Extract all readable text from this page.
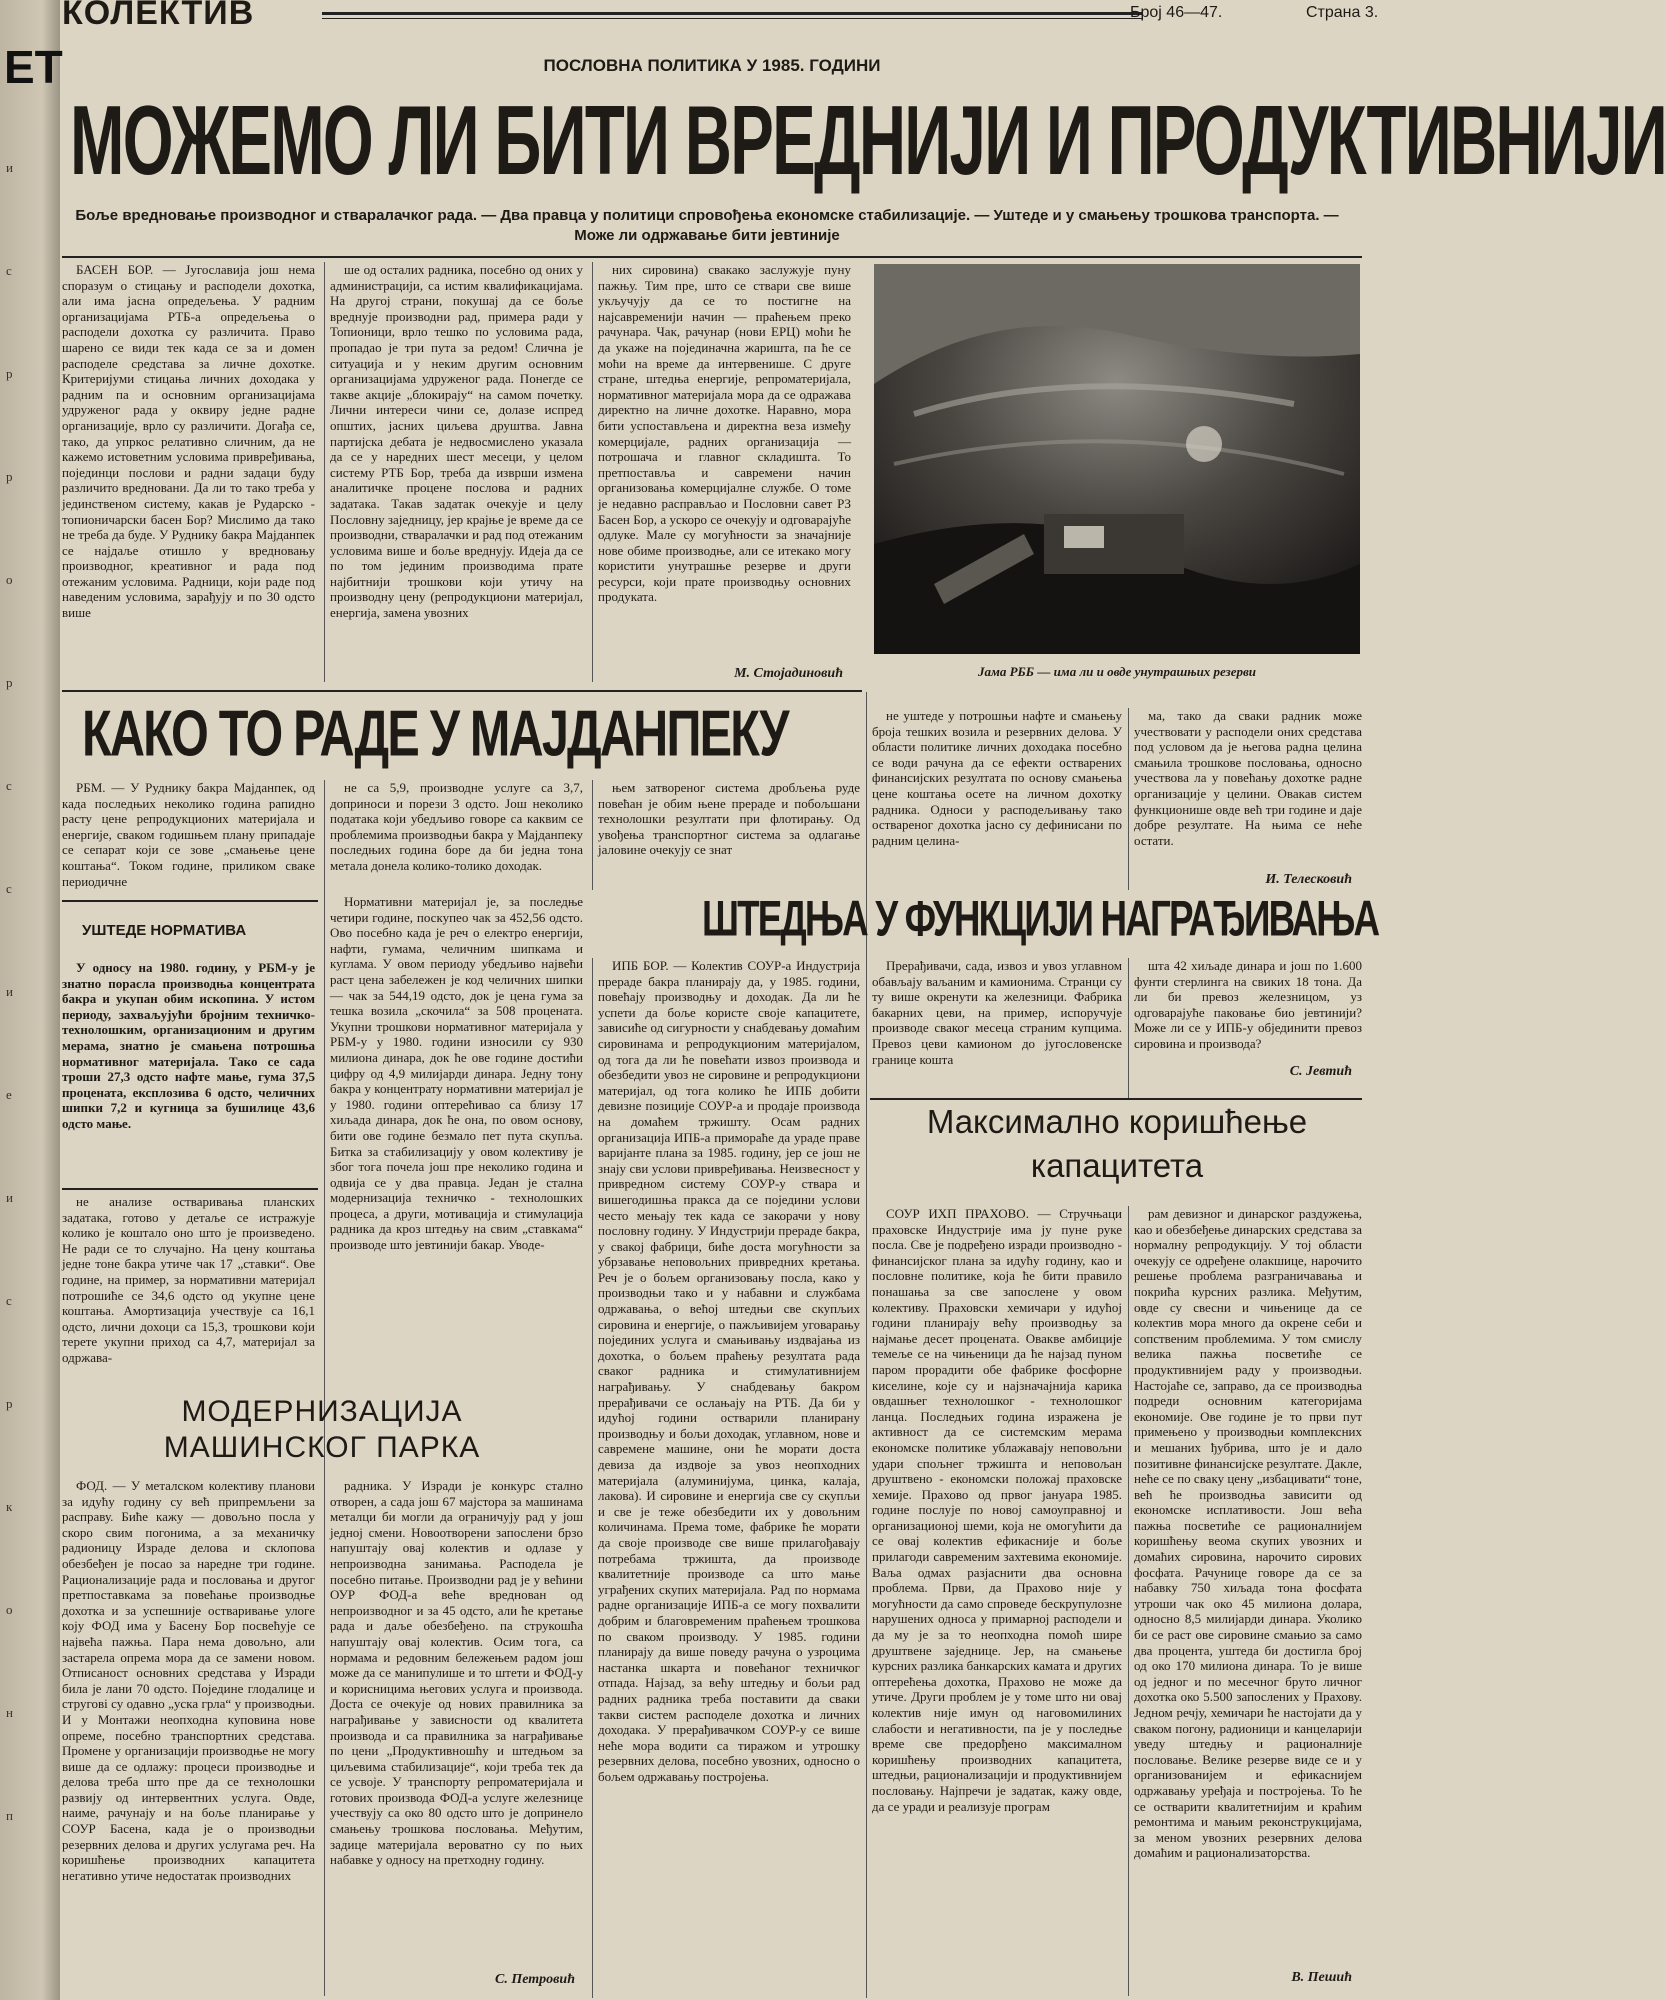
ET
и
с
р
р
о
р
с
с
и
е
и
с
р
к
о
н
п
КОЛЕКТИВ	Број 46—47.	Страна 3.
ПОСЛОВНА ПОЛИТИКА У 1985. ГОДИНИ
МОЖЕМО ЛИ БИТИ ВРЕДНИЈИ И ПРОДУКТИВНИЈИ
Боље вредновање производног и стваралачког рада. — Два правца у политици спровођења економске стабилизације. — Уштеде и у смањењу трошкова транспорта. — Може ли одржавање бити јевтиније

БАСЕН БОР. — Југославија још нема споразум о стицању и расподели дохотка, али има јасна опредељења. У радним организацијама РТБ-а опредељења о расподели дохотка су различита. Право шарено се види тек када се за и домен расподеле средстава за личне дохотке. Критеријуми стицања личних доходака у радним па и основним организацијама удруженог рада у оквиру једне радне организације, врло су различити. Догађа се, тако, да упркос релативно сличним, да не кажемо истоветним условима привређивања, појединци послови и радни задаци буду различито вредновани. Да ли то тако треба у јединственом систему, какав је Рударско - топионичарски басен Бор? Мислимо да тако не треба да буде. У Руднику бакра Мајданпек се најдаље отишло у вредновању производног, креативног и рада под отежаним условима. Радници, који раде под наведеним условима, зарађују и по 30 одсто више

ше од осталих радника, посебно од оних у администрацији, са истим квалификацијама. На другој страни, покушај да се боље вреднује производни рад, примера ради у Топионици, врло тешко по условима рада, пропадао је три пута за редом! Слична је ситуација и у неким другим основним организацијама удруженог рада. Понегде се такве акције „блокирају“ на самом почетку. Лични интереси чини се, долазе испред општих, јасних циљева друштва. Јавна партијска дебата је недвосмислено указала да се у наредних шест месеци, у целом систему РТБ Бор, треба да изврши измена аналитичке процене послова и радних задатака. Такав задатак очекује и целу Пословну заједницу, јер крајње је време да се производни, стваралачки и рад под отежаним условима више и боље вреднују. Идеја да се по том јединим производима прате најбитнији трошкови који утичу на производну цену (репродукциони материјал, енергија, замена увозних

них сировина) свакако заслужује пуну пажњу. Тим пре, што се ствари све више укључују да се то постигне на најсавременији начин — праћењем преко рачунара. Чак, рачунар (нови ЕРЦ) моћи ће да укаже на појединачна жаришта, па ће се моћи на време да интервенише. С друге стране, штедња енергије, репроматеријала, нормативног материјала мора да се одражава директно на личне дохотке. Наравно, мора бити успостављена и директна веза између комерцијале, радних организација — потрошача и главног складишта. То претпоставља и савремени начин организовања комерцијалне службе. О томе је недавно расправљао и Пословни савет РЗ Басен Бор, а ускоро се очекују и одговарајуће одлуке. Мале су могућности за значајније нове обиме производње, али се итекако могу користити унутрашње резерве и други ресурси, који прате производњу основних продуката.

М. Стојадиновић	Јама РББ — има ли и овде унутрашњих резерви
КАКО ТО РАДЕ У МАЈДАНПЕКУ	не уштеде у потрошњи нафте и смањењу броја тешких возила и резервних делова. У области политике личних доходака посебно се води рачуна да се ефекти остварених финансијских резултата по основу смањења цене коштања осете на личном дохотку радника. Односи у расподељивању тако оствареног дохотка јасно су дефинисани по радним целина-

ма, тако да сваки радник може учествовати у расподели оних средстава под условом да је његова радна целина смањила трошкове пословања, односно учествова ла у повећању дохотке радне организације у целини. Овакав систем функционише овде већ три године и даје добре резултате. На њима се неће остати.

И. Телесковић

РБМ. — У Руднику бакра Мајданпек, од када последњих неколико година рапидно расту цене репродукционих материјала и енергије, сваком годишњем плану припадаје се сепарат који се зове „смањење цене коштања“. Током године, приликом свакe периодичне

не са 5,9, производне услуге са 3,7, доприноси и порези 3 одсто. Још неколико података који убедљиво говоре са каквим се проблемима производњи бакра у Мајданпеку последњих година боре да би једна тона метала донела колико-толико доходак.

њем затвореног система дробљења руде повећан је обим њене прераде и побољшани технолошки резултати при флотирању. Од увођења транспортног система за одлагање јаловине очекују се знат

УШТЕДЕ НОРМАТИВА

У односу на 1980. годину, у РБМ-у је знатно порасла производња концентрата бакра и укупан обим ископина. У истом периоду, захваљујући бројним техничко-технолошким, организационим и другим мерама, знатно је смањена потрошња нормативног материјала. Тако се сада троши 27,3 одсто нафте мање, гума 37,5 процената, експлозива 6 одсто, челичних шипки 7,2 и кугница за бушилице 43,6 одсто мање.

не анализе остваривања планских задатака, готово у детаље се истражује колико је коштало оно што је произведено. Не ради се то случајно. На цену коштања једне тоне бакра утиче чак 17 „ставки“. Ове године, на пример, за нормативни материјал потрошиће се 34,6 одсто од укупне цене коштања. Амортизација учествује са 16,1 одсто, лични дохоци са 15,3, трошкови који терете укупни приход са 4,7, материјал за одржава-

Нормативни материјал је, за последње четири године, поскупео чак за 452,56 одсто. Ово посебно када је реч о електро енергији, нафти, гумама, челичним шипкама и куглама. У овом периоду убедљиво највећи раст цена забележен је код челичних шипки — чак за 544,19 одсто, док је цена гума за тешка возила „скочила“ за 508 процената. Укупни трошкови нормативног материјала у РБМ-у у 1980. години износили су 930 милиона динара, док ће ове године достићи цифру од 4,9 милијарди динара. Једну тону бакра у концентрату нормативни материјал је у 1980. години оптерећивао са близу 17 хиљада динара, док ће она, по овом основу, бити ове године безмало пет пута скупља. Битка за стабилизацију у овом колективу је због тога почела још пре неколико година и одвија се у два правца. Један је стална модернизација техничко - технолошких процеса, а други, мотивација и стимулација радника да кроз штедњу на свим „ставкама“ производе што јевтинији бакар. Уводе-

ШТЕДЊА У ФУНКЦИЈИ НАГРАЂИВАЊА

ИПБ БОР. — Колектив СОУР-а Индустрија прераде бакра планирају да, у 1985. години, повећају производњу и доходак. Да ли ће успети да боље користе своје капацитете, зависиће од сигурности у снабдевању домаћим сировинама и репродукционим материјалом, од тога да ли ће повећати извоз производа и обезбедити увоз не сировине и репродукциони материјал, од тога колико ће ИПБ добити девизне позиције СОУР-а и продаје производа на домаћем тржишту. Осам радних организација ИПБ-а примораће да ураде праве варијанте плана за 1985. годину, јер се још не знају сви услови привређивања. Неизвесност у привредном систему СОУР-у ствара и вишегодишња пракса да се поједини услови често мењају тек када се закорачи у нову пословну годину. У Индустрији прераде бакра, у свакој фабрици, биће доста могућности за убрзавање неповољних привредних кретања. Реч је о бољем организовању посла, како у производњи тако и у набавни и службама одржавања, о већој штедњи све скупљих сировина и енергије, о пажљивијем уговарању појединих услуга и смањивању издвајања из дохотка, о бољем праћењу резултата рада сваког радника и стимулативнијем награђивању. У снабдевању бакром прерађивачи се ослањају на РТБ. Да би у идућој години остварили планирану производњу и бољи доходак, углавном, нове и савремене машине, они ће морати доста девиза да издвоје за увоз неопходних материјала (алуминијума, цинка, калаја, лакова). И сировине и енергија све су скупљи и све је теже обезбедити их у довољним количинама. Према томе, фабрике ће морати да своје производе све више прилагођавају потребама тржишта, да производе квалитетније производе са што мање уграђених скупих материјала. Рад по нормама радне организације ИПБ-а се могу похвалити добрим и благовременим праћењем трошкова по сваком производу. У 1985. години планирају да више поведу рачуна о узроцима настанка шкарта и повећаног техничког отпада. Најзад, за већу штедњу и бољи рад радних радника треба поставити да сваки такви систем расподеле дохотка и личних доходака. У прерађивачком СОУР-у се више неће мора водити са тиражом и утрошку резервних делова, посебно увозних, односно о бољем одржавању постројења.

Прерађивачи, сада, извоз и увоз углавном обављају ваљаним и камионима. Странци су ту више окренути ка железници. Фабрика бакарних цеви, на пример, испоручује производе сваког месеца страним купцима. Превоз цеви камионом до југословенске границе кошта

шта 42 хиљаде динара и још по 1.600 фунти стерлинга на свиких 18 тона. Да ли би превоз железницом, уз одговарајуће паковање био јевтинији? Може ли се у ИПБ-у објединити превоз сировина и производа?

С. Јевтић
Максимално коришћење капацитета

СОУР ИХП ПРАХОВО. — Стручњаци праховске Индустрије има ју пуне руке посла. Све је подређено изради производно - финансијског плана за идућу годину, као и пословне политике, која ће бити правило понашања за све запослене у овом колективу. Праховски хемичари у идућој години планирају већу производњу за најмање десет процената. Овакве амбиције темеље се на чињеници да ће најзад пуном паром прорадити обе фабрике фосфорне киселине, које су и најзначајнија карика овдашњег технолошког - технолошког ланца. Последњих година изражена је активност да се системским мерама економске политике ублажавају неповољни удари спољнег тржишта и неповољан друштвено - економски положај праховске хемије. Прахово од првог јануара 1985. године послује по новој самоуправној и организационој шеми, која не омогућити да се овај колектив ефикасније и боље прилагоди савременим захтевима економије. Ваља одмах разјаснити два основна проблема. Први, да Прахово није у могућности да само спроведе бескрупулозне нарушених односа у примарној расподели и да му је за то неопходна помоћ шире друштвене заједнице. Јер, на смањење курсних разлика банкарских камата и других оптерећења дохотка, Прахово не може да утиче. Други проблем је у томе што ни овај колектив није имун од наговомилиних слабости и негативности, па је у последње време све предорђено максималном коришћењу производних капацитета, штедњи, рационализацији и продуктивнијем пословању. Најпречи је задатак, кажу овде, да се уради и реализује програм

рам девизног и динарског раздужења, као и обезбеђење динарских средстава за нормалну репродукцију. У тој области очекују се одређене олакшице, нарочито решење проблема разграничавања и покрића курсних разлика. Међутим, овде су свесни и чињенице да се колектив мора много да окрене себи и сопственим проблемима. У том смислу велика пажња посветиће се продуктивнијем раду у производњи. Настојаће се, заправо, да се производња подреди основним категоријама економије. Ове године је то први пут примењено у производњи комплексних и мешаних ђубрива, што је и дало позитивне финансијске резултате. Дакле, неће се по сваку цену „избацивати“ тоне, већ ће производња зависити од економске исплативости. Још већа пажња посветиће се рационалнијем коришћењу веома скупих увозних и домаћих сировина, нарочито сирових фосфата. Рачунице говоре да се за набавку 750 хиљада тона фосфата утроши чак око 45 милиона долара, односно 8,5 милијарди динара. Уколико би се раст ове сировине смањио за само два процента, уштеда би достигла број од око 170 милиона динара. То је више од једног и по месечног бруто личног дохотка око 5.500 запослених у Прахову. Једном речју, хемичари ће настојати да у сваком погону, радионици и канцеларији уведу штедњу и рационалније пословање. Велике резерве виде се и у организованијем и ефикаснијем одржавању уређаја и постројења. То ће се остварити квалитетнијим и краћим ремонтима и мањим реконструкцијама, за меном увозних резервних делова домаћим и рационализаторства.

В. Пешић
МОДЕРНИЗАЦИЈА МАШИНСКОГ ПАРКА

ФОД. — У металском колективу планови за идућу годину су већ припремљени за расправу. Биће кажу — довољно посла у скоро свим погонима, а за механичку радионицу Израде делова и склопова обезбеђен је посао за наредне три године. Рационализације рада и пословања и другог претпоставкама за повећање производње дохотка и за успешније остваривање улоге коју ФОД има у Басену Бор посвећује се највећа пажња. Пара нема довољно, али застарела опрема мора да се замени новом. Отписаност основних средстава у Изради била је лани 70 одсто. Поједине глодалице и струговi су одавно „уска грла“ у производњи. И у Монтажи неопходна куповина нове опреме, посебно транспортних средстава. Промене у организацији производње не могу више да се одлажу: процеси производње и делова треба што пре да се технолошки развију од интервентних услуга. Овде, наиме, рачунају и на боље планирање у СОУР Басена, кадa је о производњи резервних делова и других услугама реч. На коришћење производних капацитета негативно утиче недостатак производних

радника. У Изради је конкурс стално отворен, а сада још 67 мајстора за машинама металци би могли да ограничују рад у још једној смени. Новоотворени запослени брзо напуштају овај колектив и одлазе у непроизводна занимања. Расподела је посебно питање. Производни рад је у већини ОУР ФОД-а веће вреднован од непроизводног и за 45 одсто, али ће кретање рада и даље обезбеђено. па струкошћа напуштају овај колектив. Осим тога, са нормама и редовним бележењем радом још може да се манипулише и то штети и ФОД-у и корисницима његових услуга и производа. Доста се очекује од нових правилника за награђивање у зависности од квалитета производа и са правилника за награђивање по цени „Продуктивношћу и штедњом за циљевима стабилизације“, који треба тек да се усвоје. У транспорту репроматеријала и готових производа ФОД-а услуге железнице учествују са око 80 одсто што је допринело смањењу трошкова пословања. Међутим, задице материјала вероватно су по њих набавке у односу на претходну годину.

С. Петровић
